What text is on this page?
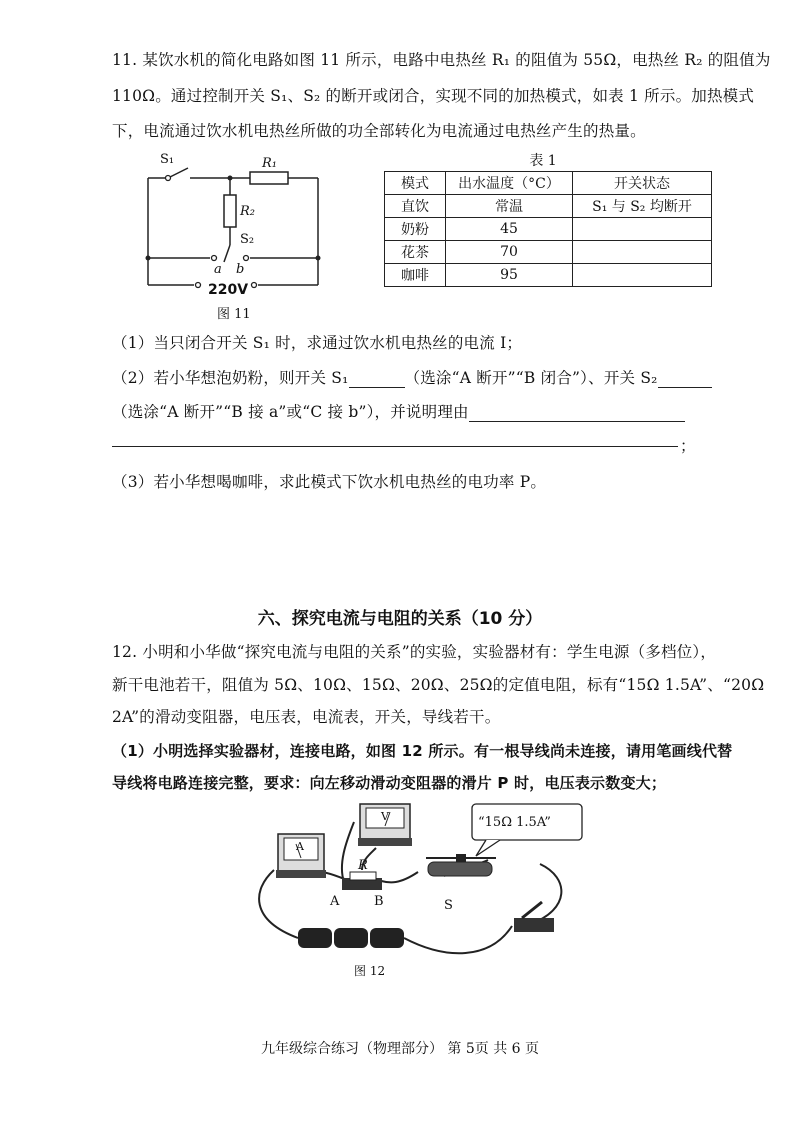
11. 某饮水机的简化电路如图 11 所示，电路中电热丝 R₁ 的阻值为 55Ω，电热丝 R₂ 的阻值为
110Ω。通过控制开关 S₁、S₂ 的断开或闭合，实现不同的加热模式，如表 1 所示。加热模式
下，电流通过饮水机电热丝所做的功全部转化为电流通过电热丝产生的热量。
S₁	R₁
R₂
S₂
a b
220V
图 11
表 1
模式	出水温度（°C）	开关状态
直饮	常温	S₁ 与 S₂ 均断开
奶粉	45	
花茶	70	
咖啡	95	
（1）当只闭合开关 S₁ 时，求通过饮水机电热丝的电流 I；
（2）若小华想泡奶粉，则开关 S₁	（选涂“A 断开”“B 闭合”）、开关 S₂
（选涂“A 断开”“B 接 a”或“C 接 b”），并说明理由
；
（3）若小华想喝咖啡，求此模式下饮水机电热丝的电功率 P。
六、探究电流与电阻的关系（10 分）
12. 小明和小华做“探究电流与电阻的关系”的实验，实验器材有：学生电源（多档位），
新干电池若干，阻值为 5Ω、10Ω、15Ω、20Ω、25Ω的定值电阻，标有“15Ω 1.5A”、“20Ω
2A”的滑动变阻器，电压表，电流表，开关，导线若干。
（1）小明选择实验器材，连接电路，如图 12 所示。有一根导线尚未连接，请用笔画线代替
导线将电路连接完整，要求：向左移动滑动变阻器的滑片 P 时，电压表示数变大；
“15Ω 1.5A”
A
V
R
A	B	S
图 12
九年级综合练习（物理部分） 第 5页 共 6 页
